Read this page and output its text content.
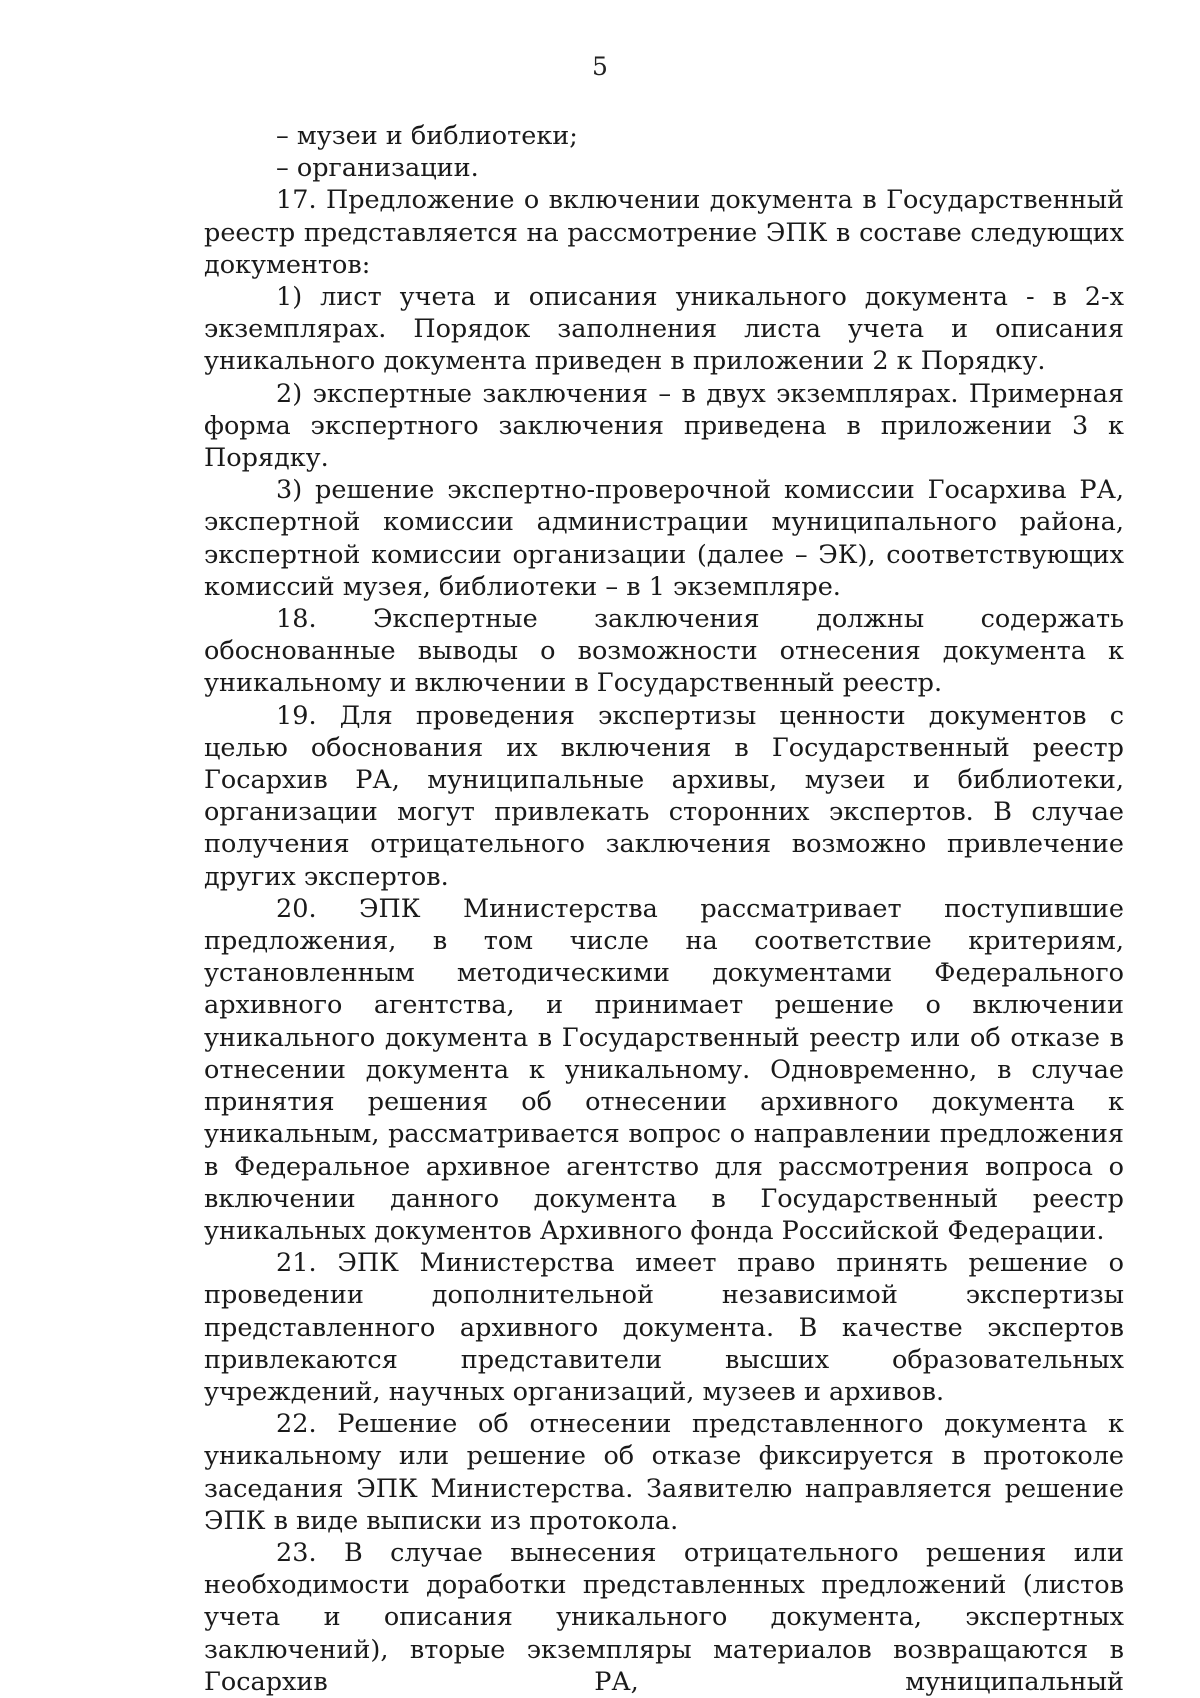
5

– музеи и библиотеки;

– организации.

17. Предложение о включении документа в Государственный реестр представляется на рассмотрение ЭПК в составе следующих документов:

1) лист учета и описания уникального документа - в 2-х экземплярах. Порядок заполнения листа учета и описания уникального документа приведен в приложении 2 к Порядку.

2) экспертные заключения – в двух экземплярах. Примерная форма экспертного заключения приведена в приложении 3 к Порядку.

3) решение экспертно-проверочной комиссии Госархива РА, экспертной комиссии администрации муниципального района, экспертной комиссии организации (далее – ЭК), соответствующих комиссий музея, библиотеки – в 1 экземпляре.

18. Экспертные заключения должны содержать обоснованные выводы о возможности отнесения документа к уникальному и включении в Государственный реестр.

19. Для проведения экспертизы ценности документов с целью обоснования их включения в Государственный реестр Госархив РА, муниципальные архивы, музеи и библиотеки, организации могут привлекать сторонних экспертов. В случае получения отрицательного заключения возможно привлечение других экспертов.

20. ЭПК Министерства рассматривает поступившие предложения, в том числе на соответствие критериям, установленным методическими документами Федерального архивного агентства, и принимает решение о включении уникального документа в Государственный реестр или об отказе в отнесении документа к уникальному. Одновременно, в случае принятия решения об отнесении архивного документа к уникальным, рассматривается вопрос о направлении предложения в Федеральное архивное агентство для рассмотрения вопроса о включении данного документа в Государственный реестр уникальных документов Архивного фонда Российской Федерации.

21. ЭПК Министерства имеет право принять решение о проведении дополнительной независимой экспертизы представленного архивного документа. В качестве экспертов привлекаются представители высших образовательных учреждений, научных организаций, музеев и архивов.

22. Решение об отнесении представленного документа к уникальному или решение об отказе фиксируется в протоколе заседания ЭПК Министерства. Заявителю направляется решение ЭПК в виде выписки из протокола.

23. В случае вынесения отрицательного решения или необходимости доработки представленных предложений (листов учета и описания уникального документа, экспертных заключений), вторые экземпляры материалов возвращаются в Госархив РА, муниципальный
